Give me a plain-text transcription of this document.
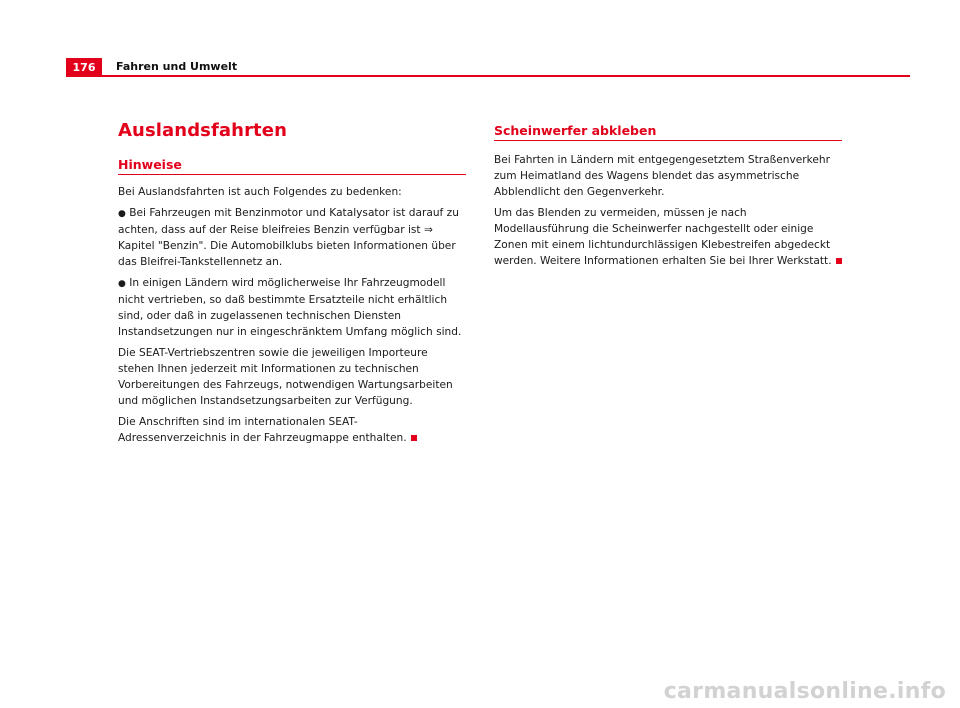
176	Fahren und Umwelt
Auslandsfahrten
Hinweise

Bei Auslandsfahrten ist auch Folgendes zu bedenken:

● Bei Fahrzeugen mit Benzinmotor und Katalysator ist darauf zu achten, dass auf der Reise bleifreies Benzin verfügbar ist ⇒ Kapitel "Benzin". Die Automobilklubs bieten Informationen über das Bleifrei-Tankstellennetz an.

● In einigen Ländern wird möglicherweise Ihr Fahrzeugmodell nicht vertrieben, so daß bestimmte Ersatzteile nicht erhältlich sind, oder daß in zugelassenen technischen Diensten Instandsetzungen nur in eingeschränktem Umfang möglich sind.

Die SEAT-Vertriebszentren sowie die jeweiligen Importeure stehen Ihnen jederzeit mit Informationen zu technischen Vorbereitungen des Fahrzeugs, notwendigen Wartungsarbeiten und möglichen Instandsetzungsarbeiten zur Verfügung.

Die Anschriften sind im internationalen SEAT-Adressenverzeichnis in der Fahrzeugmappe enthalten.

Scheinwerfer abkleben

Bei Fahrten in Ländern mit entgegengesetztem Straßenverkehr zum Heimatland des Wagens blendet das asymmetrische Abblendlicht den Gegenverkehr.

Um das Blenden zu vermeiden, müssen je nach Modellausführung die Scheinwerfer nachgestellt oder einige Zonen mit einem lichtundurchlässigen Klebestreifen abgedeckt werden. Weitere Informationen erhalten Sie bei Ihrer Werkstatt.

carmanualsonline.info
